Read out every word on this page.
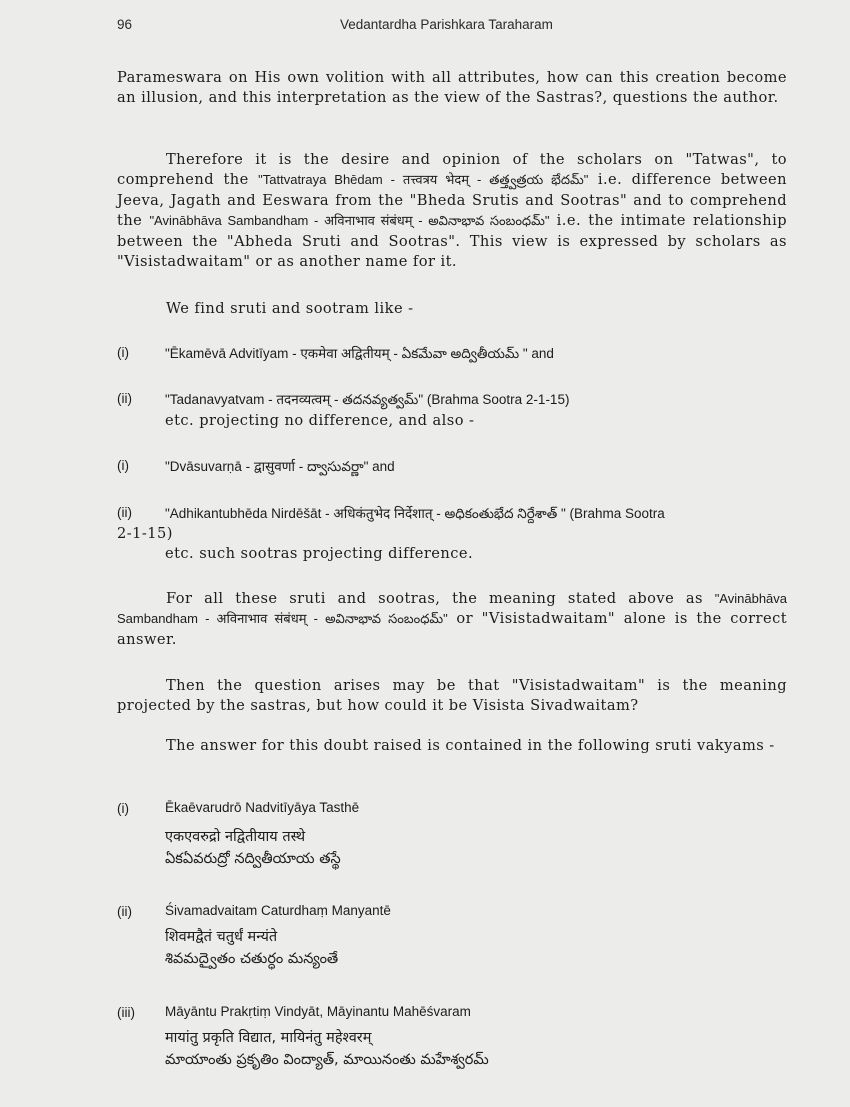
96	Vedantardha Parishkara Taraharam

Parameswara on His own volition with all attributes, how can this creation become an illusion, and this interpretation as the view of the Sastras?, questions the author.

Therefore it is the desire and opinion of the scholars on "Tatwas", to comprehend the "Tattvatraya Bhēdam - तत्त्वत्रय भेदम् - తత్త్వత్రయ భేదమ్" i.e. difference between Jeeva, Jagath and Eeswara from the "Bheda Srutis and Sootras" and to comprehend the "Avinābhāva Sambandham - अविनाभाव संबंधम् - అవినాభావ సంబంధమ్" i.e. the intimate relationship between the "Abheda Sruti and Sootras". This view is expressed by scholars as "Visistadwaitam" or as another name for it.

We find sruti and sootram like -

(i)	"Ēkamēvā Advitīyam - एकमेवा अद्वितीयम् - ఏకమేవా అద్వితీయమ్ " and
(ii) "Tadanavyatvam - तदनव्यत्वम् - తదనవ్యత్వమ్" (Brahma Sootra 2-1-15)
etc. projecting no difference, and also -
(i)	"Dvāsuvarṇā - द्वासुवर्णा - ద్వాసువర్ణా" and
(ii) "Adhikantubhēda Nirdēšāt - अधिकंतुभेद निर्देशात् - అధికంతుభేద నిర్దేశాత్ " (Brahma Sootra
2-1-15)
etc. such sootras projecting difference.

For all these sruti and sootras, the meaning stated above as "Avinābhāva Sambandham - अविनाभाव संबंधम् - అవినాభావ సంబంధమ్" or "Visistadwaitam" alone is the correct answer.

Then the question arises may be that "Visistadwaitam" is the meaning projected by the sastras, but how could it be Visista Sivadwaitam?

The answer for this doubt raised is contained in the following sruti vakyams -

(i)	Ēkaēvarudrō Nadvitīyāya Tasthē
एकएवरुद्रो नद्वितीयाय तस्थे
ఏకఏవరుద్రో నద్వితీయాయ తస్థే
(ii) Śivamadvaitam Caturdhaṃ Manyantē
शिवमद्वैतं चतुर्धं मन्यंते
శివమద్వైతం చతుర్ధం మన్యంతే
(iii) Māyāntu Prakṛtiṃ Vindyāt, Māyinantu Mahēśvaram
मायांतु प्रकृति विद्यात, मायिनंतु महेश्वरम्
మాయాంతు ప్రకృతిం వింద్యాత్, మాయినంతు మహేశ్వరమ్
